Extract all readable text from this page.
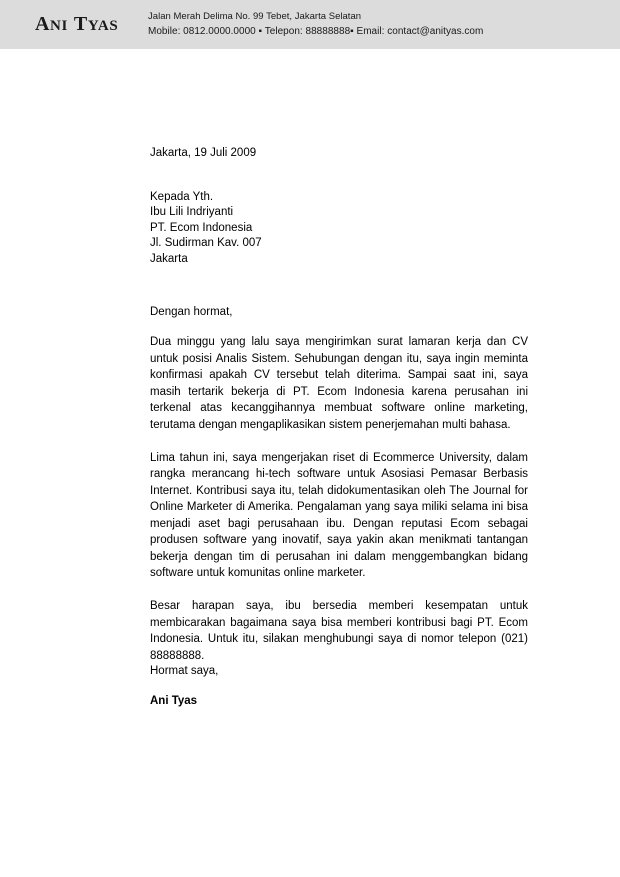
ANI TYAS
Jalan Merah Delima No. 99 Tebet, Jakarta Selatan
Mobile: 0812.0000.0000 ▪ Telepon: 88888888▪ Email: contact@anityas.com
Jakarta, 19 Juli 2009
Kepada Yth.
Ibu Lili Indriyanti
PT. Ecom Indonesia
Jl. Sudirman Kav. 007
Jakarta
Dengan hormat,

Dua minggu yang lalu saya mengirimkan surat lamaran kerja dan CV untuk posisi Analis Sistem. Sehubungan dengan itu, saya ingin meminta konfirmasi apakah CV tersebut telah diterima. Sampai saat ini, saya masih tertarik bekerja di PT. Ecom Indonesia karena perusahan ini terkenal atas kecanggihannya membuat software online marketing, terutama dengan mengaplikasikan sistem penerjemahan multi bahasa.

Lima tahun ini, saya mengerjakan riset di Ecommerce University, dalam rangka merancang hi-tech software untuk Asosiasi Pemasar Berbasis Internet. Kontribusi saya itu, telah didokumentasikan oleh The Journal for Online Marketer di Amerika. Pengalaman yang saya miliki selama ini bisa menjadi aset bagi perusahaan ibu. Dengan reputasi Ecom sebagai produsen software yang inovatif, saya yakin akan menikmati tantangan bekerja dengan tim di perusahan ini dalam menggembangkan bidang software untuk komunitas online marketer.

Besar harapan saya, ibu bersedia memberi kesempatan untuk membicarakan bagaimana saya bisa memberi kontribusi bagi PT. Ecom Indonesia. Untuk itu, silakan menghubungi saya di nomor telepon (021) 88888888.

Hormat saya,
Ani Tyas
